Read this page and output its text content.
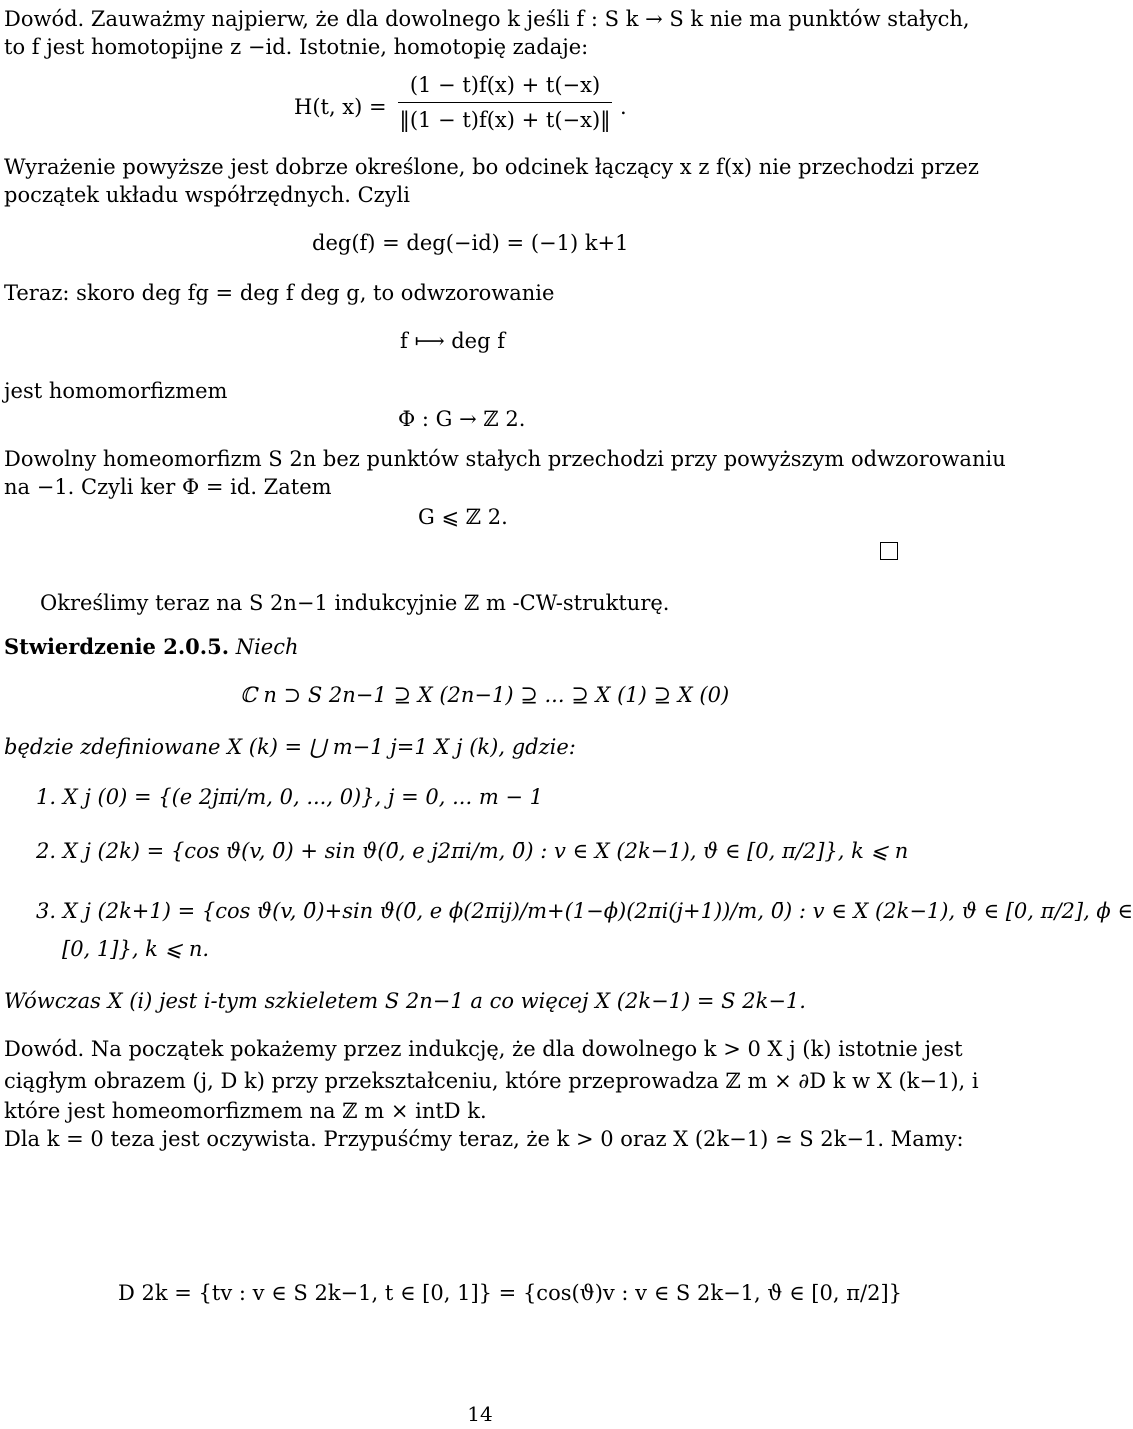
Dowód. Zauważmy najpierw, że dla dowolnego k jeśli f : S k → S k nie ma punktów stałych,
to f jest homotopijne z −id. Istotnie, homotopię zadaje:
H(t, $x) = \frac{(1 - t)f(x) + t(-x)}{‖(1 - t)f(x) + t(-x)‖}$ .
Wyrażenie powyższe jest dobrze określone, bo odcinek łączący x z f(x) nie przechodzi przez
początek układu współrzędnych. Czyli
deg(f) = deg(−id) = (−1) k+1
Teraz: skoro deg fg = deg f deg g, to odwzorowanie
f ⟼ deg f
jest homomorfizmem
Φ : G → ℤ 2.
Dowolny homeomorfizm S 2n bez punktów stałych przechodzi przy powyższym odwzorowaniu
na −1. Czyli ker Φ = id. Zatem
G ⩽ ℤ 2.
Określimy teraz na S 2n−1 indukcyjnie ℤ m -CW-strukturę.
Stwierdzenie 2.0.5. Niech
ℂ n ⊃ S 2n−1 ⊇ X (2n−1) ⊇ ... ⊇ X (1) ⊇ X (0)
będzie zdefiniowane X (k) = ⋃ m−1 j=1 X j (k), gdzie:
1. X j (0) = {(e 2jπi/m, 0, ..., 0)}, j = 0, ... m − 1
2. X j (2k) = {cos ϑ(v, 0̄) + sin ϑ(0̄, e j2πi/m, 0̄) : v ∈ X (2k−1), ϑ ∈ [0, π/2]}, k ⩽ n
3. X j (2k+1) = {cos ϑ(v, 0̄)+sin ϑ(0̄, e ϕ(2πij)/m+(1−ϕ)(2πi(j+1))/m, 0̄) : v ∈ X (2k−1), ϑ ∈ [0, π/2], ϕ ∈
[0, 1]}, k ⩽ n.
Wówczas X (i) jest i-tym szkieletem S 2n−1 a co więcej X (2k−1) = S 2k−1.
Dowód. Na początek pokażemy przez indukcję, że dla dowolnego k > 0 X j (k) istotnie jest
ciągłym obrazem (j, D k) przy przekształceniu, które przeprowadza ℤ m × ∂D k w X (k−1), i
które jest homeomorfizmem na ℤ m × intD k.
Dla k = 0 teza jest oczywista. Przypuśćmy teraz, że k > 0 oraz X (2k−1) ≃ S 2k−1. Mamy:
D 2k = {tv : v ∈ S 2k−1, t ∈ [0, 1]} = {cos(ϑ)v : v ∈ S 2k−1, ϑ ∈ [0, π/2]}
14
